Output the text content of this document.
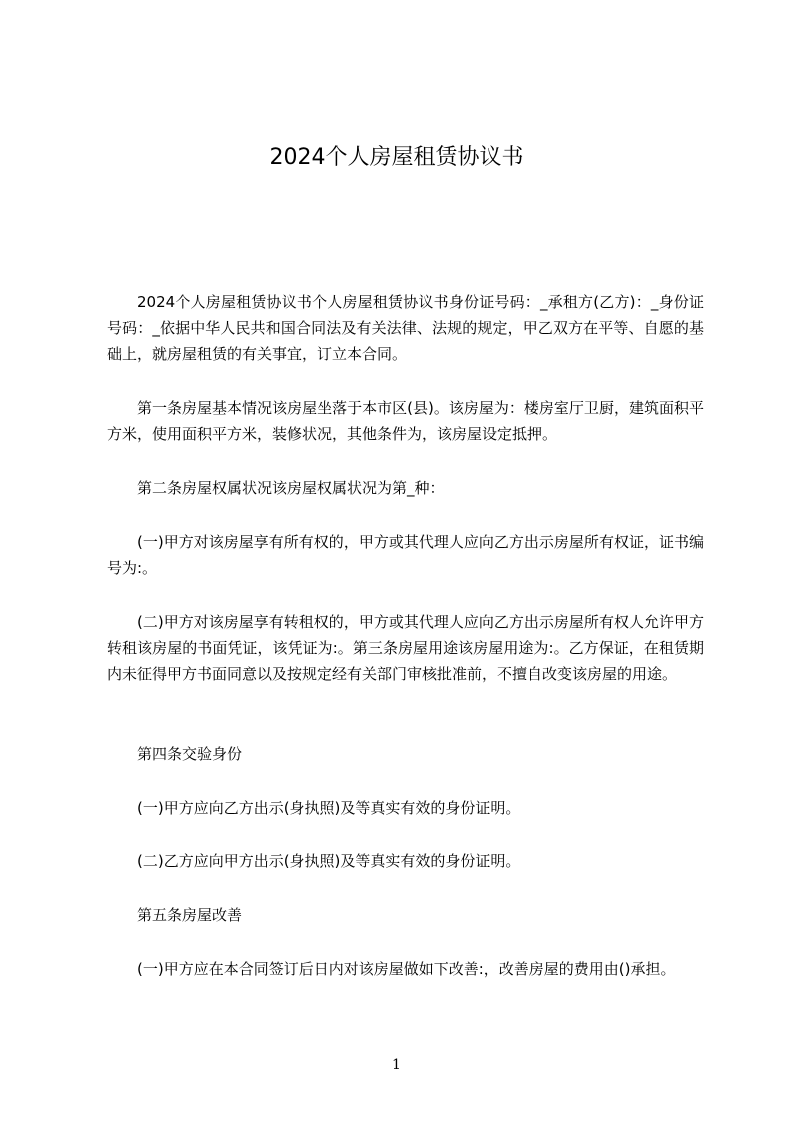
2024个人房屋租赁协议书

2024个人房屋租赁协议书个人房屋租赁协议书身份证号码：_承租方(乙方)：_身份证号码：_依据中华人民共和国合同法及有关法律、法规的规定，甲乙双方在平等、自愿的基础上，就房屋租赁的有关事宜，订立本合同。

第一条房屋基本情况该房屋坐落于本市区(县)。该房屋为：楼房室厅卫厨，建筑面积平方米，使用面积平方米，装修状况，其他条件为，该房屋设定抵押。

第二条房屋权属状况该房屋权属状况为第_种：

(一)甲方对该房屋享有所有权的，甲方或其代理人应向乙方出示房屋所有权证，证书编号为:。

(二)甲方对该房屋享有转租权的，甲方或其代理人应向乙方出示房屋所有权人允许甲方转租该房屋的书面凭证，该凭证为:。第三条房屋用途该房屋用途为:。乙方保证，在租赁期内未征得甲方书面同意以及按规定经有关部门审核批准前，不擅自改变该房屋的用途。

第四条交验身份

(一)甲方应向乙方出示(身执照)及等真实有效的身份证明。

(二)乙方应向甲方出示(身执照)及等真实有效的身份证明。

第五条房屋改善

(一)甲方应在本合同签订后日内对该房屋做如下改善:，改善房屋的费用由()承担。

1
